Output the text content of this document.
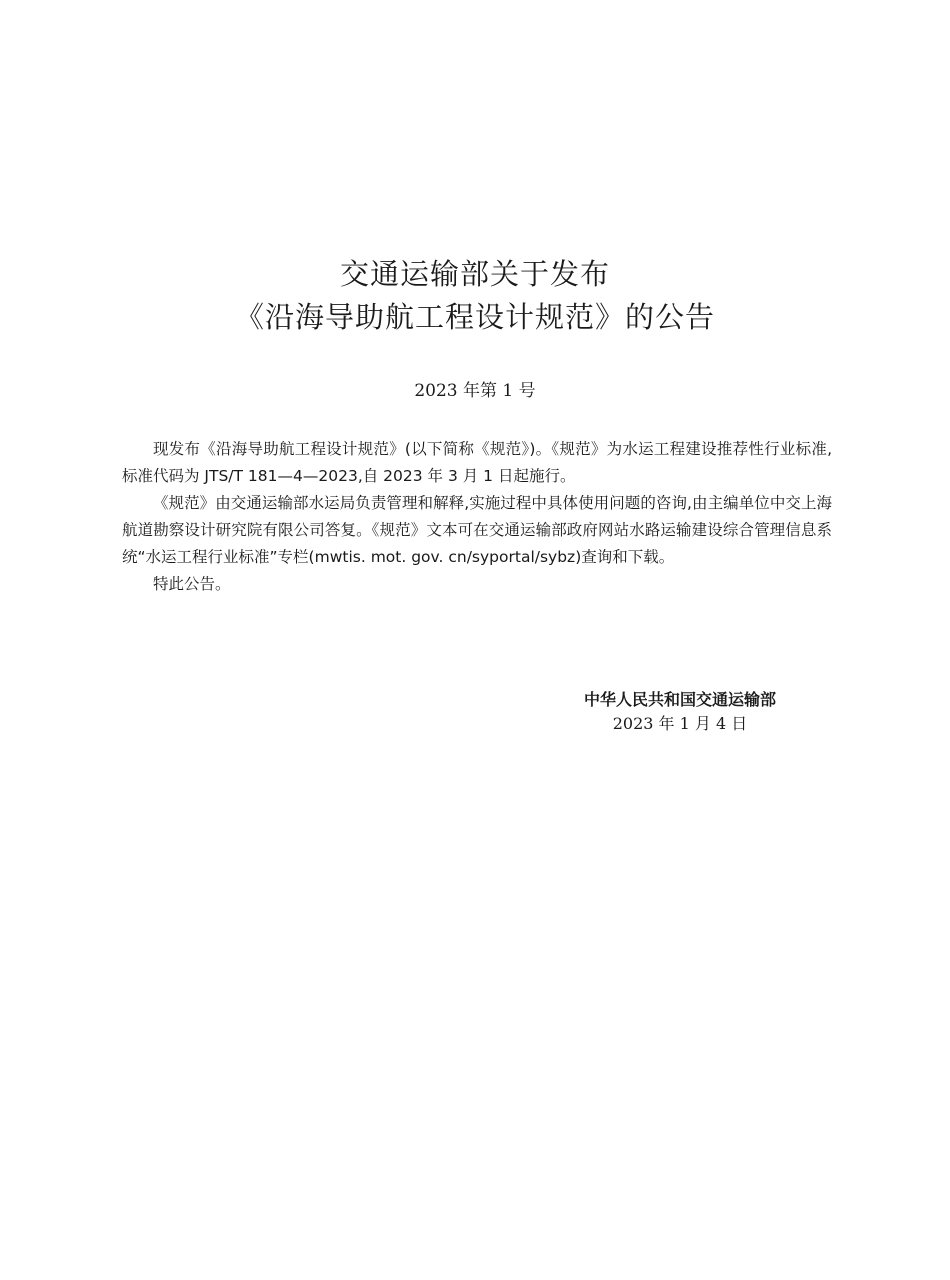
交通运输部关于发布
《沿海导助航工程设计规范》的公告
2023 年第 1 号

现发布《沿海导助航工程设计规范》(以下简称《规范》)。《规范》为水运工程建设推荐性行业标准,标准代码为 JTS/T 181—4—2023,自 2023 年 3 月 1 日起施行。

《规范》由交通运输部水运局负责管理和解释,实施过程中具体使用问题的咨询,由主编单位中交上海航道勘察设计研究院有限公司答复。《规范》文本可在交通运输部政府网站水路运输建设综合管理信息系统“水运工程行业标准”专栏(mwtis. mot. gov. cn/syportal/sybz)查询和下载。

特此公告。

中华人民共和国交通运输部
2023 年 1 月 4 日
